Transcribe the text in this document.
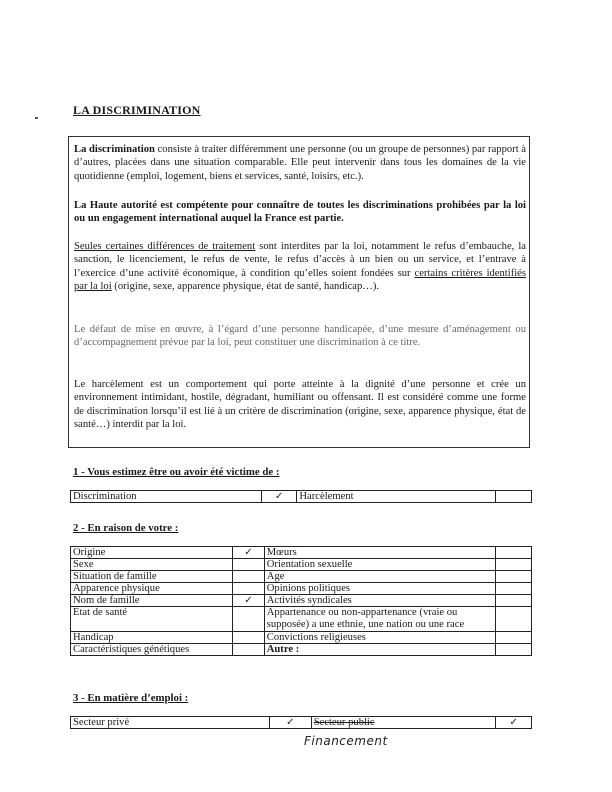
LA DISCRIMINATION

La discrimination consiste à traiter différemment une personne (ou un groupe de personnes) par rapport à d’autres, placées dans une situation comparable. Elle peut intervenir dans tous les domaines de la vie quotidienne (emploi, logement, biens et services, santé, loisirs, etc.).

La Haute autorité est compétente pour connaître de toutes les discriminations prohibées par la loi ou un engagement international auquel la France est partie.

Seules certaines différences de traitement sont interdites par la loi, notamment le refus d’embauche, la sanction, le licenciement, le refus de vente, le refus d’accès à un bien ou un service, et l’entrave à l’exercice d’une activité économique, à condition qu’elles soient fondées sur certains critères identifiés par la loi (origine, sexe, apparence physique, état de santé, handicap…).

Le défaut de mise en œuvre, à l’égard d’une personne handicapée, d’une mesure d’aménagement ou d’accompagnement prévue par la loi, peut constituer une discrimination à ce titre.

Le harcèlement est un comportement qui porte atteinte à la dignité d’une personne et crée un environnement intimidant, hostile, dégradant, humiliant ou offensant. Il est considéré comme une forme de discrimination lorsqu’il est lié à un critère de discrimination (origine, sexe, apparence physique, état de santé…) interdit par la loi.

1 - Vous estimez être ou avoir été victime de :
Discrimination	✓	Harcèlement	
2 - En raison de votre :
Origine	✓	Mœurs	
Sexe		Orientation sexuelle	
Situation de famille		Age	
Apparence physique		Opinions politiques	
Nom de famille	✓	Activités syndicales	
Etat de santé		Appartenance ou non-appartenance (vraie ou supposée) a une ethnie, une nation ou une race	
Handicap		Convictions religieuses	
Caractéristiques génétiques		Autre :	
3 - En matière d’emploi :
Secteur privé	✓	Secteur public	✓
Financement
